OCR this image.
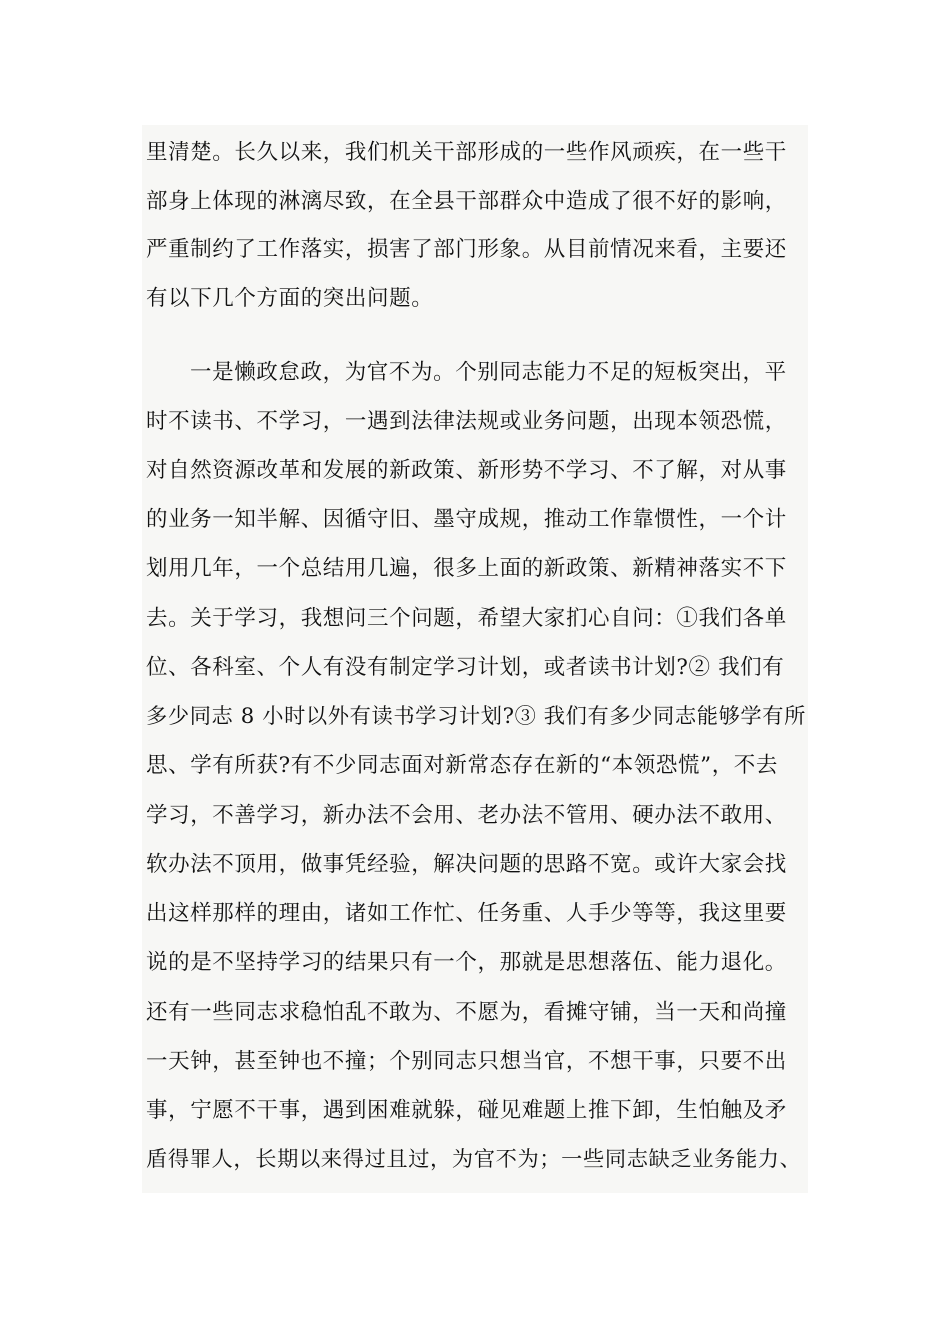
里清楚。长久以来，我们机关干部形成的一些作风顽疾，在一些干
部身上体现的淋漓尽致，在全县干部群众中造成了很不好的影响，
严重制约了工作落实，损害了部门形象。从目前情况来看，主要还
有以下几个方面的突出问题。
一是懒政怠政，为官不为。个别同志能力不足的短板突出，平
时不读书、不学习，一遇到法律法规或业务问题，出现本领恐慌，
对自然资源改革和发展的新政策、新形势不学习、不了解，对从事
的业务一知半解、因循守旧、墨守成规，推动工作靠惯性，一个计
划用几年，一个总结用几遍，很多上面的新政策、新精神落实不下
去。关于学习，我想问三个问题，希望大家扪心自问：①我们各单
位、各科室、个人有没有制定学习计划，或者读书计划?② 我们有
多少同志 8 小时以外有读书学习计划?③ 我们有多少同志能够学有所
思、学有所获?有不少同志面对新常态存在新的“本领恐慌”，不去
学习，不善学习，新办法不会用、老办法不管用、硬办法不敢用、
软办法不顶用，做事凭经验，解决问题的思路不宽。或许大家会找
出这样那样的理由，诸如工作忙、任务重、人手少等等，我这里要
说的是不坚持学习的结果只有一个，那就是思想落伍、能力退化。
还有一些同志求稳怕乱不敢为、不愿为，看摊守铺，当一天和尚撞
一天钟，甚至钟也不撞；个别同志只想当官，不想干事，只要不出
事，宁愿不干事，遇到困难就躲，碰见难题上推下卸，生怕触及矛
盾得罪人，长期以来得过且过，为官不为；一些同志缺乏业务能力、
